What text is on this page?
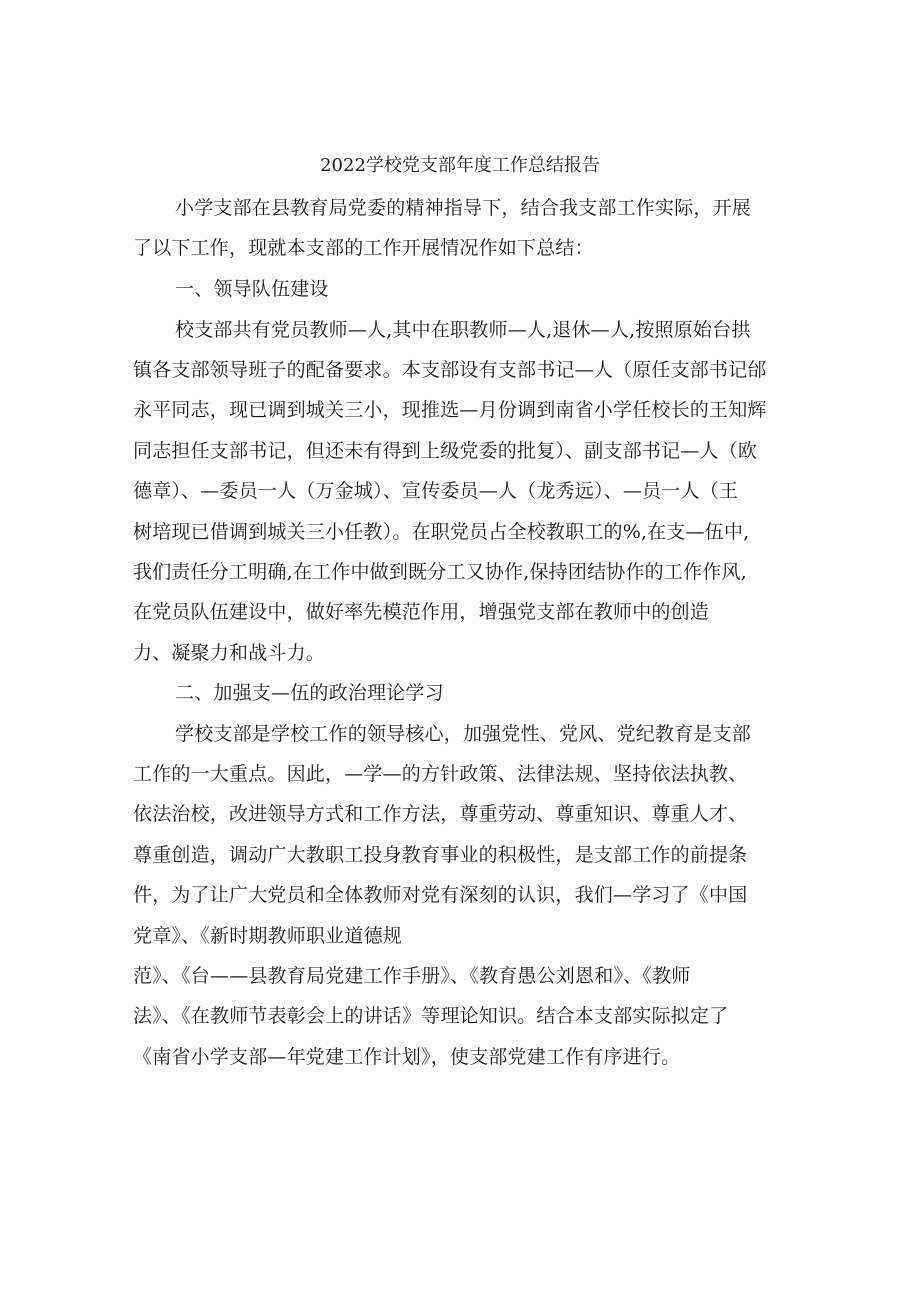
2022学校党支部年度工作总结报告
小学支部在县教育局党委的精神指导下，结合我支部工作实际，开展
了以下工作，现就本支部的工作开展情况作如下总结：
一、领导队伍建设
校支部共有党员教师—人,其中在职教师—人,退休—人,按照原始台拱
镇各支部领导班子的配备要求。本支部设有支部书记—人（原任支部书记邰
永平同志，现已调到城关三小，现推选—月份调到南省小学任校长的王知辉
同志担任支部书记，但还未有得到上级党委的批复）、副支部书记—人（欧
德章）、—委员一人（万金城）、宣传委员—人（龙秀远）、—员一人（王
树培现已借调到城关三小任教）。在职党员占全校教职工的%,在支—伍中,
我们责任分工明确,在工作中做到既分工又协作,保持团结协作的工作作风,
在党员队伍建设中，做好率先模范作用，增强党支部在教师中的创造
力、凝聚力和战斗力。
二、加强支—伍的政治理论学习
学校支部是学校工作的领导核心，加强党性、党风、党纪教育是支部
工作的一大重点。因此，—学—的方针政策、法律法规、坚持依法执教、
依法治校，改进领导方式和工作方法，尊重劳动、尊重知识、尊重人才、
尊重创造，调动广大教职工投身教育事业的积极性，是支部工作的前提条
件，为了让广大党员和全体教师对党有深刻的认识，我们—学习了《中国
党章》、《新时期教师职业道德规
范》、《台——县教育局党建工作手册》、《教育愚公刘恩和》、《教师
法》、《在教师节表彰会上的讲话》等理论知识。结合本支部实际拟定了
《南省小学支部—年党建工作计划》，使支部党建工作有序进行。
